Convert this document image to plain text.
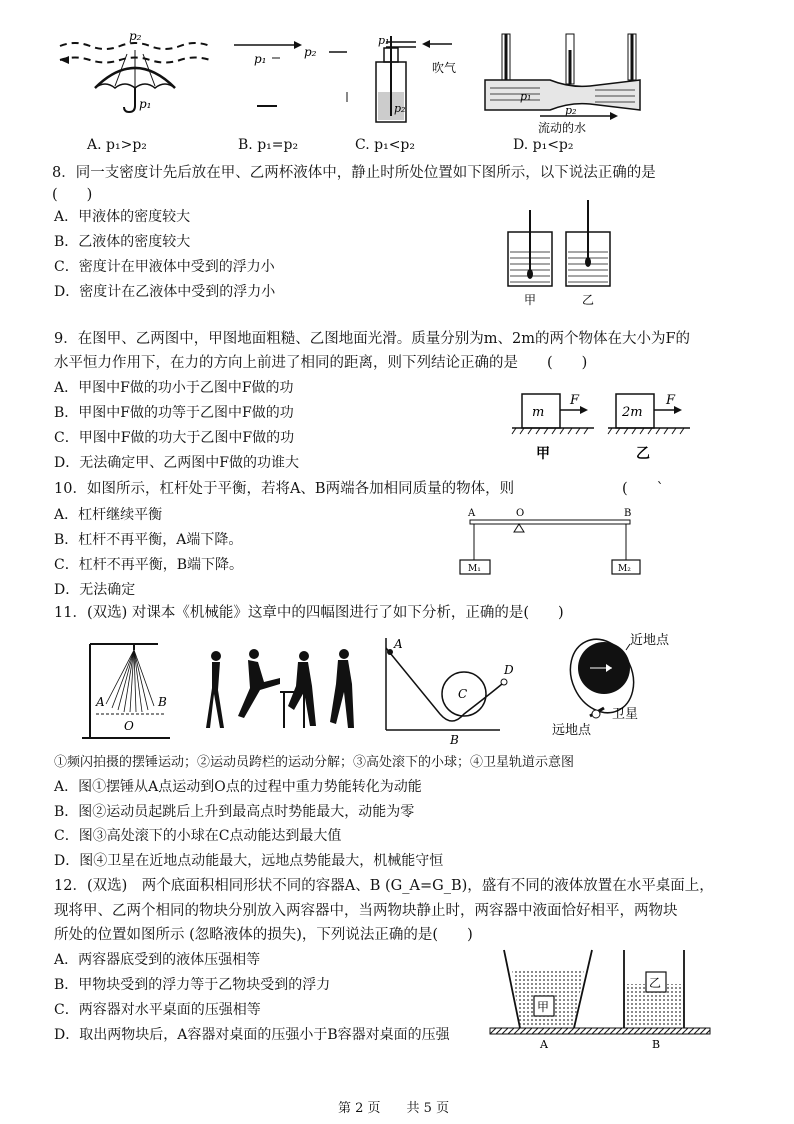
p₂
p₁
p₁	p₂
p₁
p₂
吹气
p₁
p₂
流动的水
A. p₁>p₂	B. p₁=p₂	C. p₁<p₂	D. p₁<p₂
8．同一支密度计先后放在甲、乙两杯液体中，静止时所处位置如下图所示，以下说法正确的是
(　　)
A．甲液体的密度较大
B．乙液体的密度较大
C．密度计在甲液体中受到的浮力小
D．密度计在乙液体中受到的浮力小	甲	乙
9．在图甲、乙两图中，甲图地面粗糙、乙图地面光滑。质量分别为m、2m的两个物体在大小为F的
水平恒力作用下，在力的方向上前进了相同的距离，则下列结论正确的是　　(　　)
A．甲图中F做的功小于乙图中F做的功
B．甲图中F做的功等于乙图中F做的功
C．甲图中F做的功大于乙图中F做的功
D．无法确定甲、乙两图中F做的功谁大
m
F
甲
2m
F
乙
10．如图所示，杠杆处于平衡，若将A、B两端各加相同质量的物体，则	(　　`
A．杠杆继续平衡
B．杠杆不再平衡，A端下降。
C．杠杆不再平衡，B端下降。
D．无法确定
A	O	B
M₁	M₂
11．(双选) 对课本《机械能》这章中的四幅图进行了如下分析，正确的是(　　)
A	B
O
A
C
B
D
近地点
卫星
远地点
①频闪拍摄的摆锤运动；②运动员跨栏的运动分解；③高处滚下的小球；④卫星轨道示意图
A．图①摆锤从A点运动到O点的过程中重力势能转化为动能
B．图②运动员起跳后上升到最高点时势能最大，动能为零
C．图③高处滚下的小球在C点动能达到最大值
D．图④卫星在近地点动能最大，远地点势能最大，机械能守恒
12．(双选)　两个底面积相同形状不同的容器A、B (G_A=G_B)，盛有不同的液体放置在水平桌面上，
现将甲、乙两个相同的物块分别放入两容器中，当两物块静止时，两容器中液面恰好相平，两物块
所处的位置如图所示 (忽略液体的损失)，下列说法正确的是(　　)
A．两容器底受到的液体压强相等
B．甲物块受到的浮力等于乙物块受到的浮力
C．两容器对水平桌面的压强相等
D．取出两物块后，A容器对桌面的压强小于B容器对桌面的压强
甲
乙
A	B
第 2 页　　共 5 页
